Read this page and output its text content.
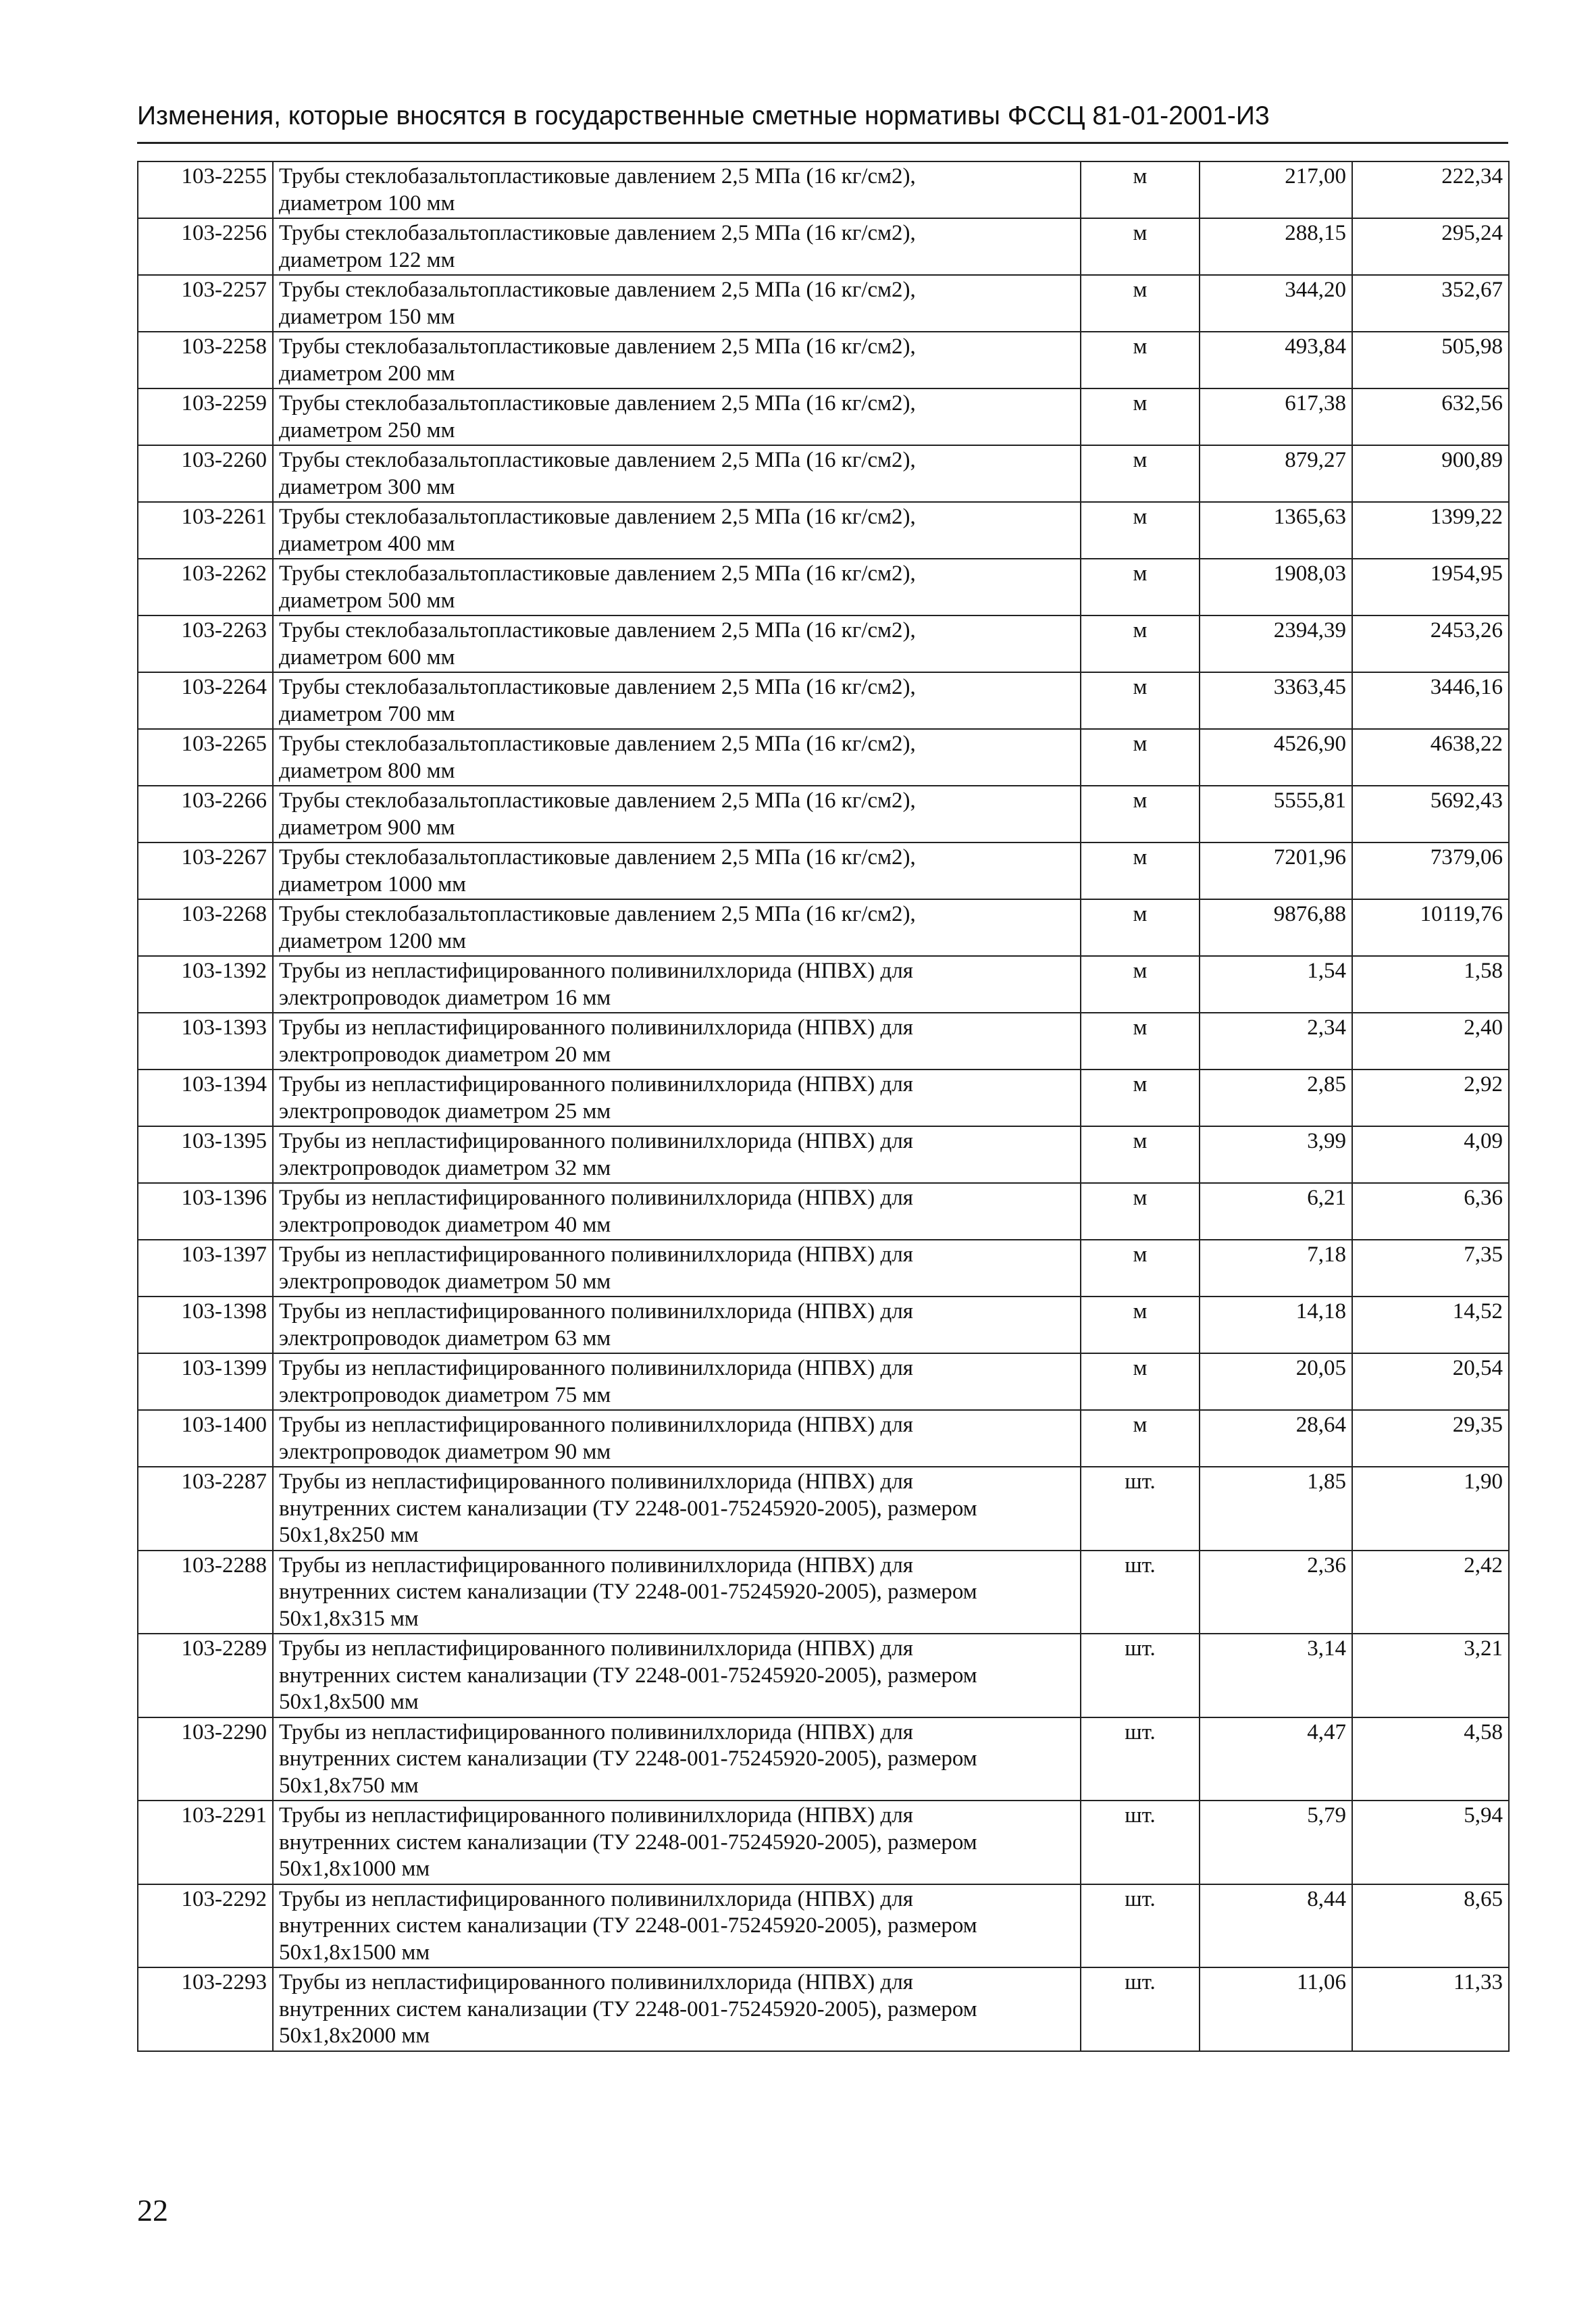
Изменения, которые вносятся в государственные сметные нормативы ФССЦ 81-01-2001-И3
103-2255	Трубы стеклобазальтопластиковые давлением 2,5 МПа (16 кг/см2),
диаметром 100 мм	м	217,00	222,34
103-2256	Трубы стеклобазальтопластиковые давлением 2,5 МПа (16 кг/см2),
диаметром 122 мм	м	288,15	295,24
103-2257	Трубы стеклобазальтопластиковые давлением 2,5 МПа (16 кг/см2),
диаметром 150 мм	м	344,20	352,67
103-2258	Трубы стеклобазальтопластиковые давлением 2,5 МПа (16 кг/см2),
диаметром 200 мм	м	493,84	505,98
103-2259	Трубы стеклобазальтопластиковые давлением 2,5 МПа (16 кг/см2),
диаметром 250 мм	м	617,38	632,56
103-2260	Трубы стеклобазальтопластиковые давлением 2,5 МПа (16 кг/см2),
диаметром 300 мм	м	879,27	900,89
103-2261	Трубы стеклобазальтопластиковые давлением 2,5 МПа (16 кг/см2),
диаметром 400 мм	м	1365,63	1399,22
103-2262	Трубы стеклобазальтопластиковые давлением 2,5 МПа (16 кг/см2),
диаметром 500 мм	м	1908,03	1954,95
103-2263	Трубы стеклобазальтопластиковые давлением 2,5 МПа (16 кг/см2),
диаметром 600 мм	м	2394,39	2453,26
103-2264	Трубы стеклобазальтопластиковые давлением 2,5 МПа (16 кг/см2),
диаметром 700 мм	м	3363,45	3446,16
103-2265	Трубы стеклобазальтопластиковые давлением 2,5 МПа (16 кг/см2),
диаметром 800 мм	м	4526,90	4638,22
103-2266	Трубы стеклобазальтопластиковые давлением 2,5 МПа (16 кг/см2),
диаметром 900 мм	м	5555,81	5692,43
103-2267	Трубы стеклобазальтопластиковые давлением 2,5 МПа (16 кг/см2),
диаметром 1000 мм	м	7201,96	7379,06
103-2268	Трубы стеклобазальтопластиковые давлением 2,5 МПа (16 кг/см2),
диаметром 1200 мм	м	9876,88	10119,76
103-1392	Трубы из непластифицированного поливинилхлорида (НПВХ) для
электропроводок диаметром 16 мм	м	1,54	1,58
103-1393	Трубы из непластифицированного поливинилхлорида (НПВХ) для
электропроводок диаметром 20 мм	м	2,34	2,40
103-1394	Трубы из непластифицированного поливинилхлорида (НПВХ) для
электропроводок диаметром 25 мм	м	2,85	2,92
103-1395	Трубы из непластифицированного поливинилхлорида (НПВХ) для
электропроводок диаметром 32 мм	м	3,99	4,09
103-1396	Трубы из непластифицированного поливинилхлорида (НПВХ) для
электропроводок диаметром 40 мм	м	6,21	6,36
103-1397	Трубы из непластифицированного поливинилхлорида (НПВХ) для
электропроводок диаметром 50 мм	м	7,18	7,35
103-1398	Трубы из непластифицированного поливинилхлорида (НПВХ) для
электропроводок диаметром 63 мм	м	14,18	14,52
103-1399	Трубы из непластифицированного поливинилхлорида (НПВХ) для
электропроводок диаметром 75 мм	м	20,05	20,54
103-1400	Трубы из непластифицированного поливинилхлорида (НПВХ) для
электропроводок диаметром 90 мм	м	28,64	29,35
103-2287	Трубы из непластифицированного поливинилхлорида (НПВХ) для
внутренних систем канализации (ТУ 2248-001-75245920-2005), размером
50x1,8x250 мм	шт.	1,85	1,90
103-2288	Трубы из непластифицированного поливинилхлорида (НПВХ) для
внутренних систем канализации (ТУ 2248-001-75245920-2005), размером
50x1,8x315 мм	шт.	2,36	2,42
103-2289	Трубы из непластифицированного поливинилхлорида (НПВХ) для
внутренних систем канализации (ТУ 2248-001-75245920-2005), размером
50x1,8x500 мм	шт.	3,14	3,21
103-2290	Трубы из непластифицированного поливинилхлорида (НПВХ) для
внутренних систем канализации (ТУ 2248-001-75245920-2005), размером
50x1,8x750 мм	шт.	4,47	4,58
103-2291	Трубы из непластифицированного поливинилхлорида (НПВХ) для
внутренних систем канализации (ТУ 2248-001-75245920-2005), размером
50x1,8x1000 мм	шт.	5,79	5,94
103-2292	Трубы из непластифицированного поливинилхлорида (НПВХ) для
внутренних систем канализации (ТУ 2248-001-75245920-2005), размером
50x1,8x1500 мм	шт.	8,44	8,65
103-2293	Трубы из непластифицированного поливинилхлорида (НПВХ) для
внутренних систем канализации (ТУ 2248-001-75245920-2005), размером
50x1,8x2000 мм	шт.	11,06	11,33
22
